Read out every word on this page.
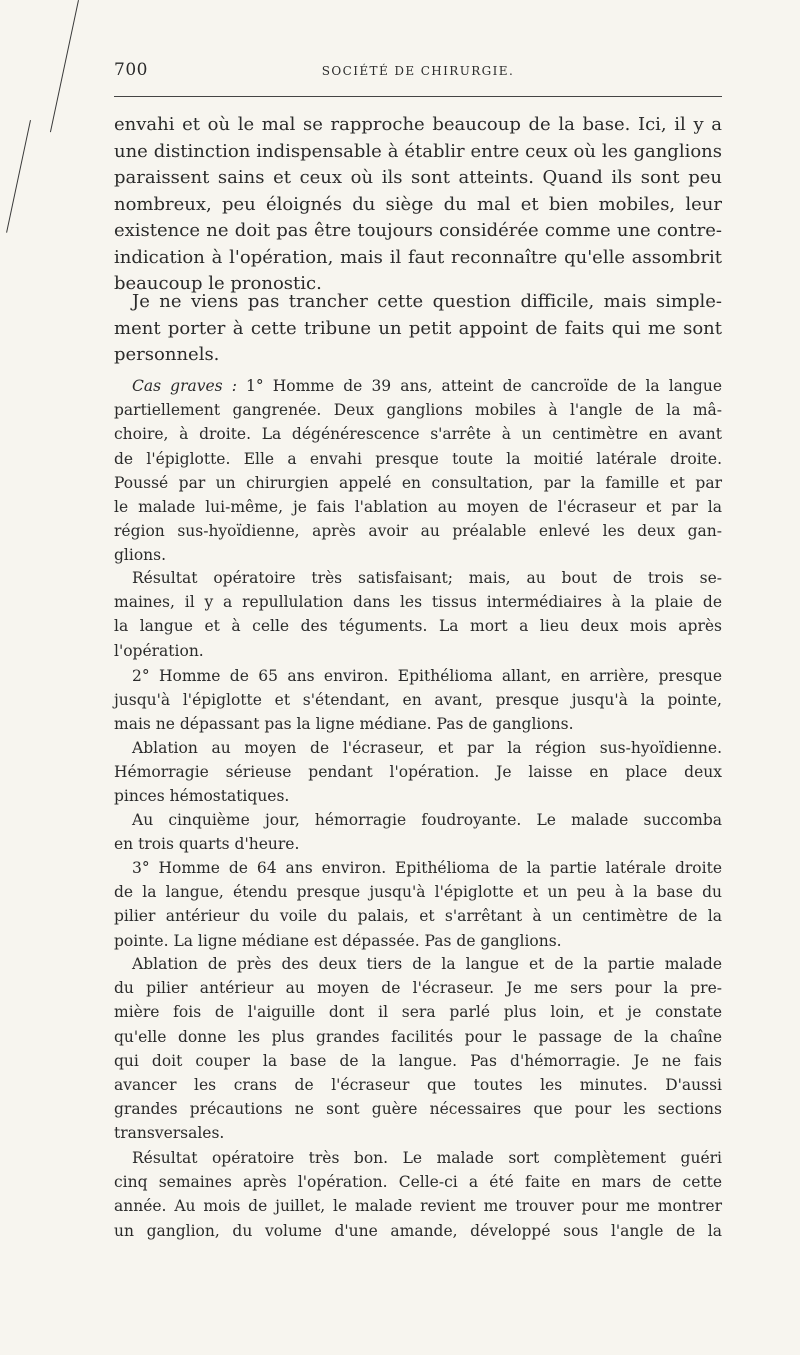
700	SOCIÉTÉ DE CHIRURGIE.
envahi et où le mal se rapproche beaucoup de la base. Ici, il y a
une distinction indispensable à établir entre ceux où les ganglions
paraissent sains et ceux où ils sont atteints. Quand ils sont peu
nombreux, peu éloignés du siège du mal et bien mobiles, leur
existence ne doit pas être toujours considérée comme une contre-
indication à l'opération, mais il faut reconnaître qu'elle assombrit
beaucoup le pronostic.
Je ne viens pas trancher cette question difficile, mais simple-
ment porter à cette tribune un petit appoint de faits qui me sont
personnels.
Cas graves : 1° Homme de 39 ans, atteint de cancroïde de la langue
partiellement gangrenée. Deux ganglions mobiles à l'angle de la mâ-
choire, à droite. La dégénérescence s'arrête à un centimètre en avant
de l'épiglotte. Elle a envahi presque toute la moitié latérale droite.
Poussé par un chirurgien appelé en consultation, par la famille et par
le malade lui-même, je fais l'ablation au moyen de l'écraseur et par la
région sus-hyoïdienne, après avoir au préalable enlevé les deux gan-
glions.
Résultat opératoire très satisfaisant; mais, au bout de trois se-
maines, il y a repullulation dans les tissus intermédiaires à la plaie de
la langue et à celle des téguments. La mort a lieu deux mois après
l'opération.
2° Homme de 65 ans environ. Epithélioma allant, en arrière, presque
jusqu'à l'épiglotte et s'étendant, en avant, presque jusqu'à la pointe,
mais ne dépassant pas la ligne médiane. Pas de ganglions.
Ablation au moyen de l'écraseur, et par la région sus-hyoïdienne.
Hémorragie sérieuse pendant l'opération. Je laisse en place deux
pinces hémostatiques.
Au cinquième jour, hémorragie foudroyante. Le malade succomba
en trois quarts d'heure.
3° Homme de 64 ans environ. Epithélioma de la partie latérale droite
de la langue, étendu presque jusqu'à l'épiglotte et un peu à la base du
pilier antérieur du voile du palais, et s'arrêtant à un centimètre de la
pointe. La ligne médiane est dépassée. Pas de ganglions.
Ablation de près des deux tiers de la langue et de la partie malade
du pilier antérieur au moyen de l'écraseur. Je me sers pour la pre-
mière fois de l'aiguille dont il sera parlé plus loin, et je constate
qu'elle donne les plus grandes facilités pour le passage de la chaîne
qui doit couper la base de la langue. Pas d'hémorragie. Je ne fais
avancer les crans de l'écraseur que toutes les minutes. D'aussi
grandes précautions ne sont guère nécessaires que pour les sections
transversales.
Résultat opératoire très bon. Le malade sort complètement guéri
cinq semaines après l'opération. Celle-ci a été faite en mars de cette
année. Au mois de juillet, le malade revient me trouver pour me montrer
un ganglion, du volume d'une amande, développé sous l'angle de la
